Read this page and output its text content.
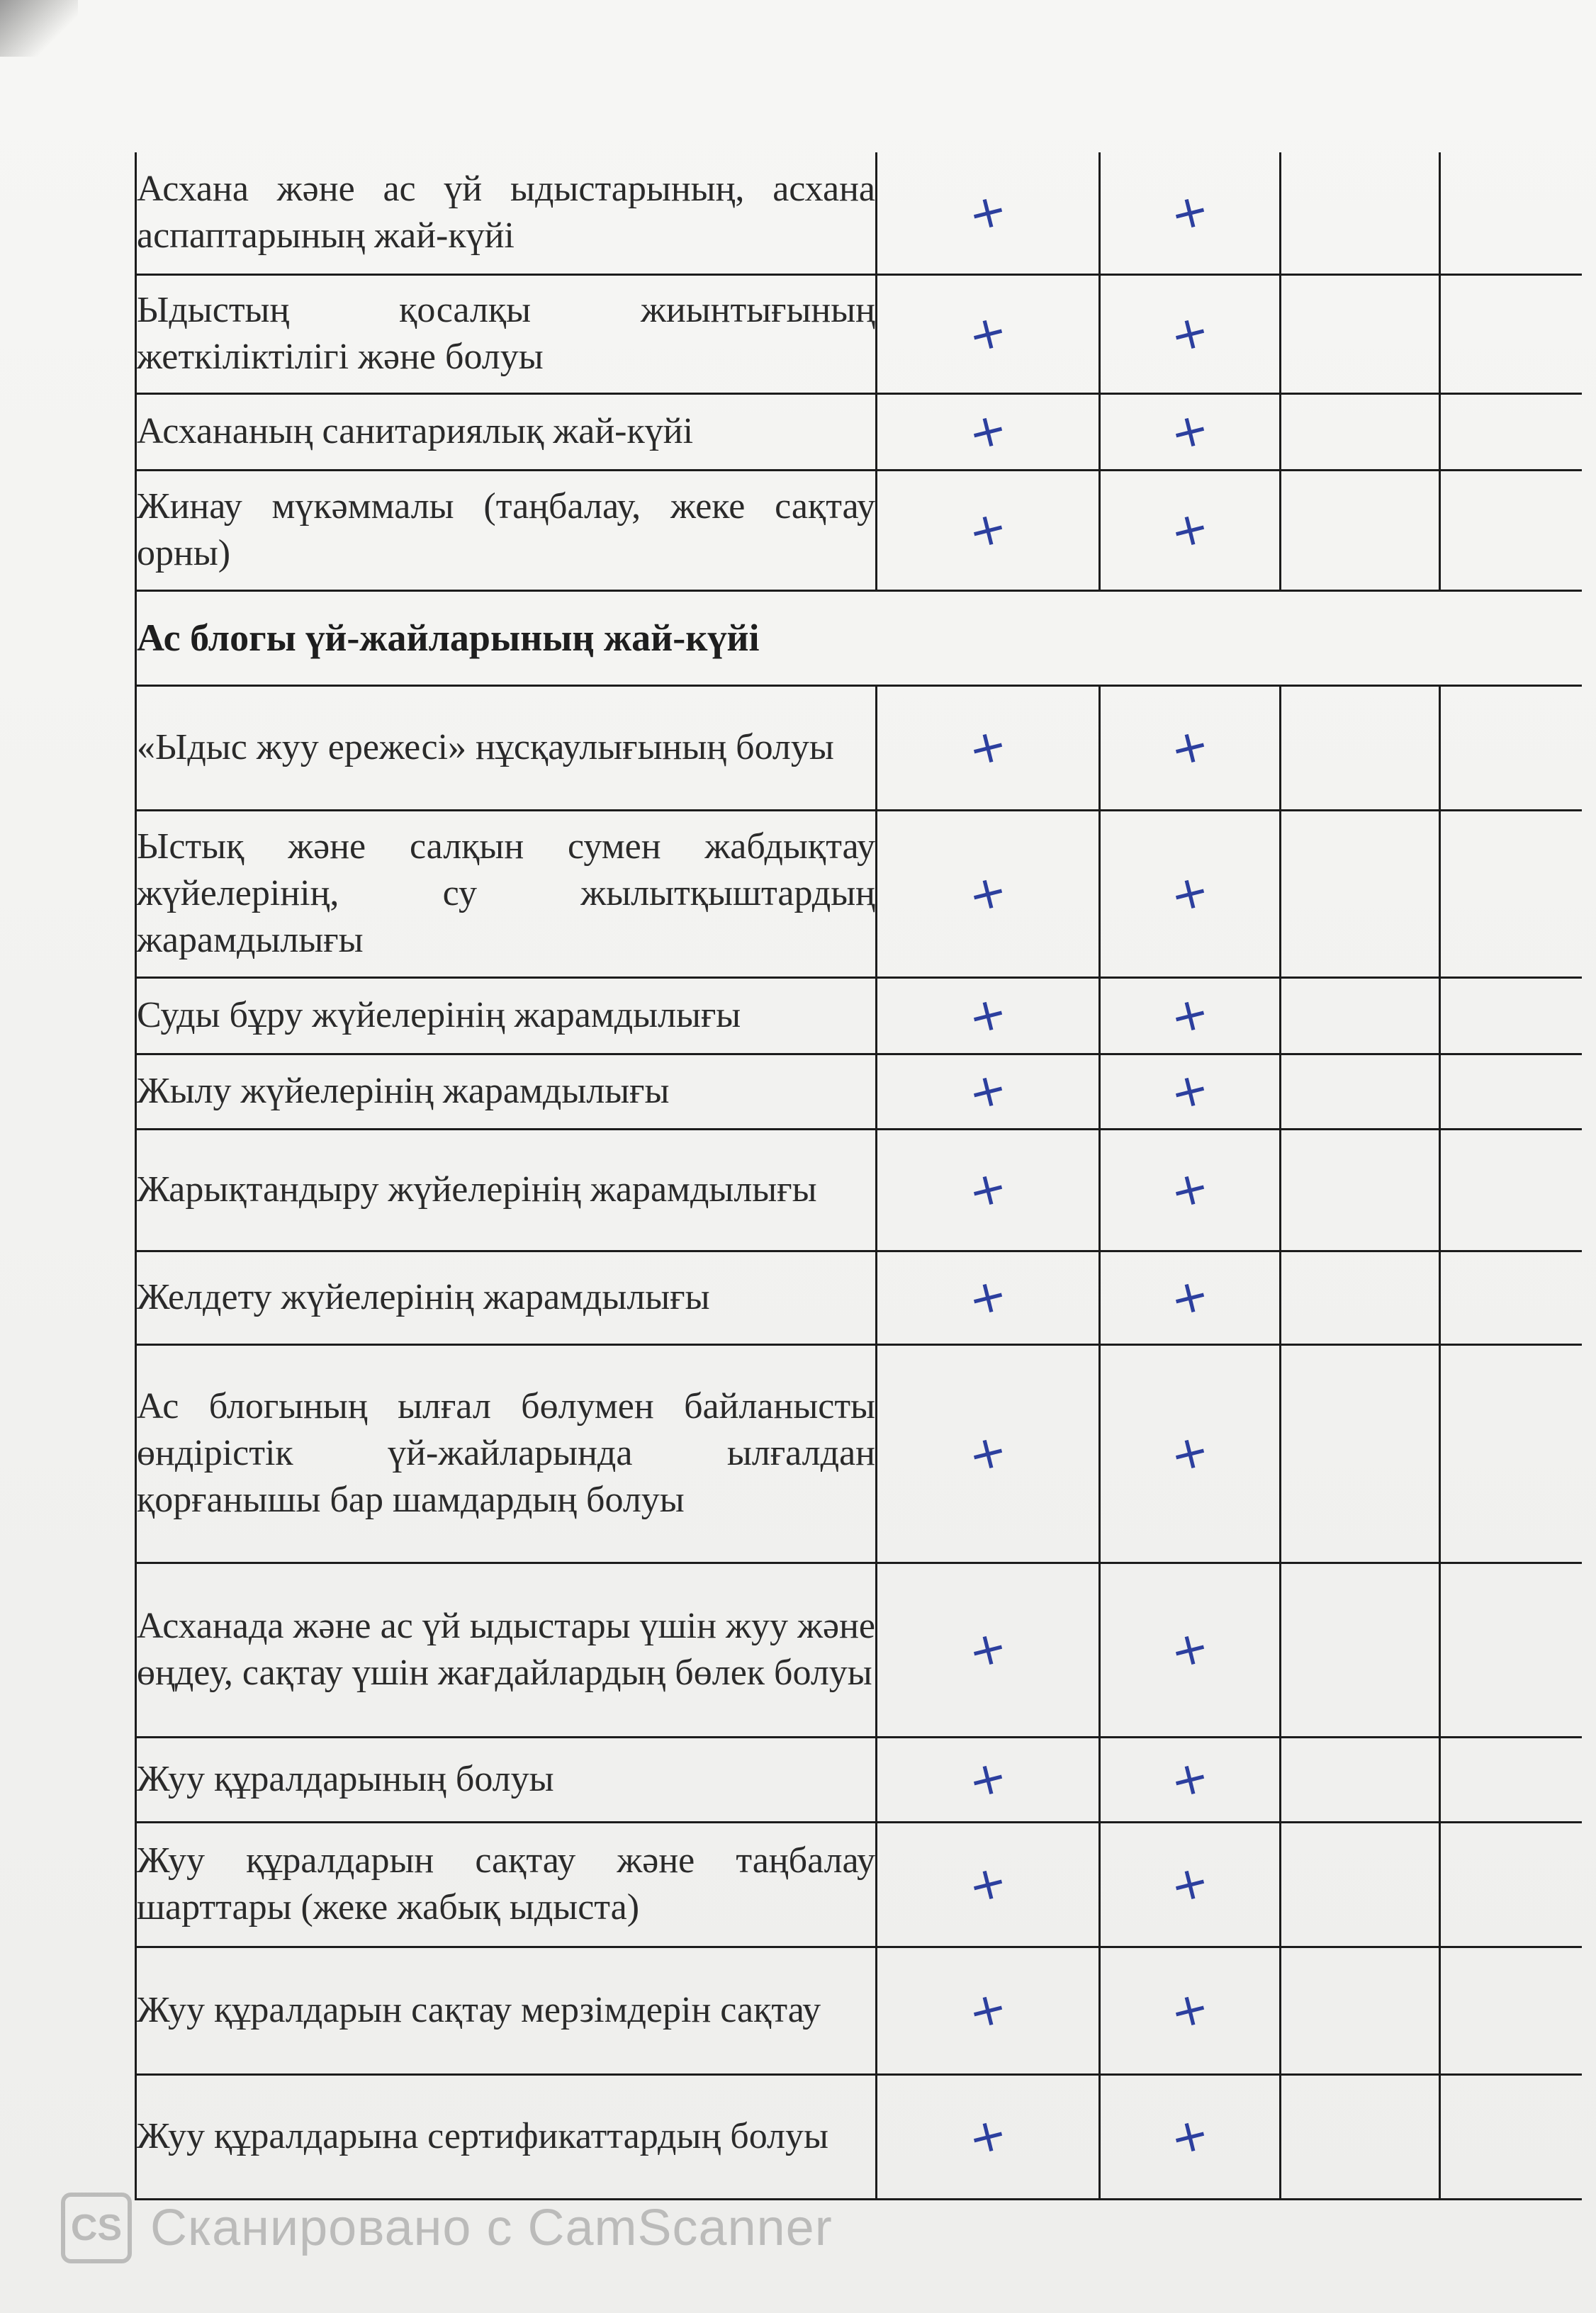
Асхана және ас үй ыдыстарының, асхана аспаптарының жай-күйі	+	+		

Ыдыстың қосалқы жиынтығының жеткіліктілігі және болуы	+	+		

Асхананың санитариялық жай-күйі	+	+		

Жинау мүкәммалы (таңбалау, жеке сақтау орны)	+	+		
Ас блогы үй-жайларының жай-күйі				

«Ыдыс жуу ережесі» нұсқаулығының болуы	+	+		

Ыстық және салқын сумен жабдықтау жүйелерінің, су жылытқыштардың жарамдылығы	+	+		

Суды бұру жүйелерінің жарамдылығы	+	+		

Жылу жүйелерінің жарамдылығы	+	+		

Жарықтандыру жүйелерінің жарамдылығы	+	+		

Желдету жүйелерінің жарамдылығы	+	+		

Ас блогының ылғал бөлумен байланысты өндірістік үй-жайларында ылғалдан қорғанышы бар шамдардың болуы	+	+		

Асханада және ас үй ыдыстары үшін жуу және өңдеу, сақтау үшін жағдайлардың бөлек болуы	+	+		

Жуу құралдарының болуы	+	+		

Жуу құралдарын сақтау және таңбалау шарттары (жеке жабық ыдыста)	+	+		

Жуу құралдарын сақтау мерзімдерін сақтау	+	+		

Жуу құралдарына сертификаттардың болуы	+	+		
CS Сканировано с CamScanner
